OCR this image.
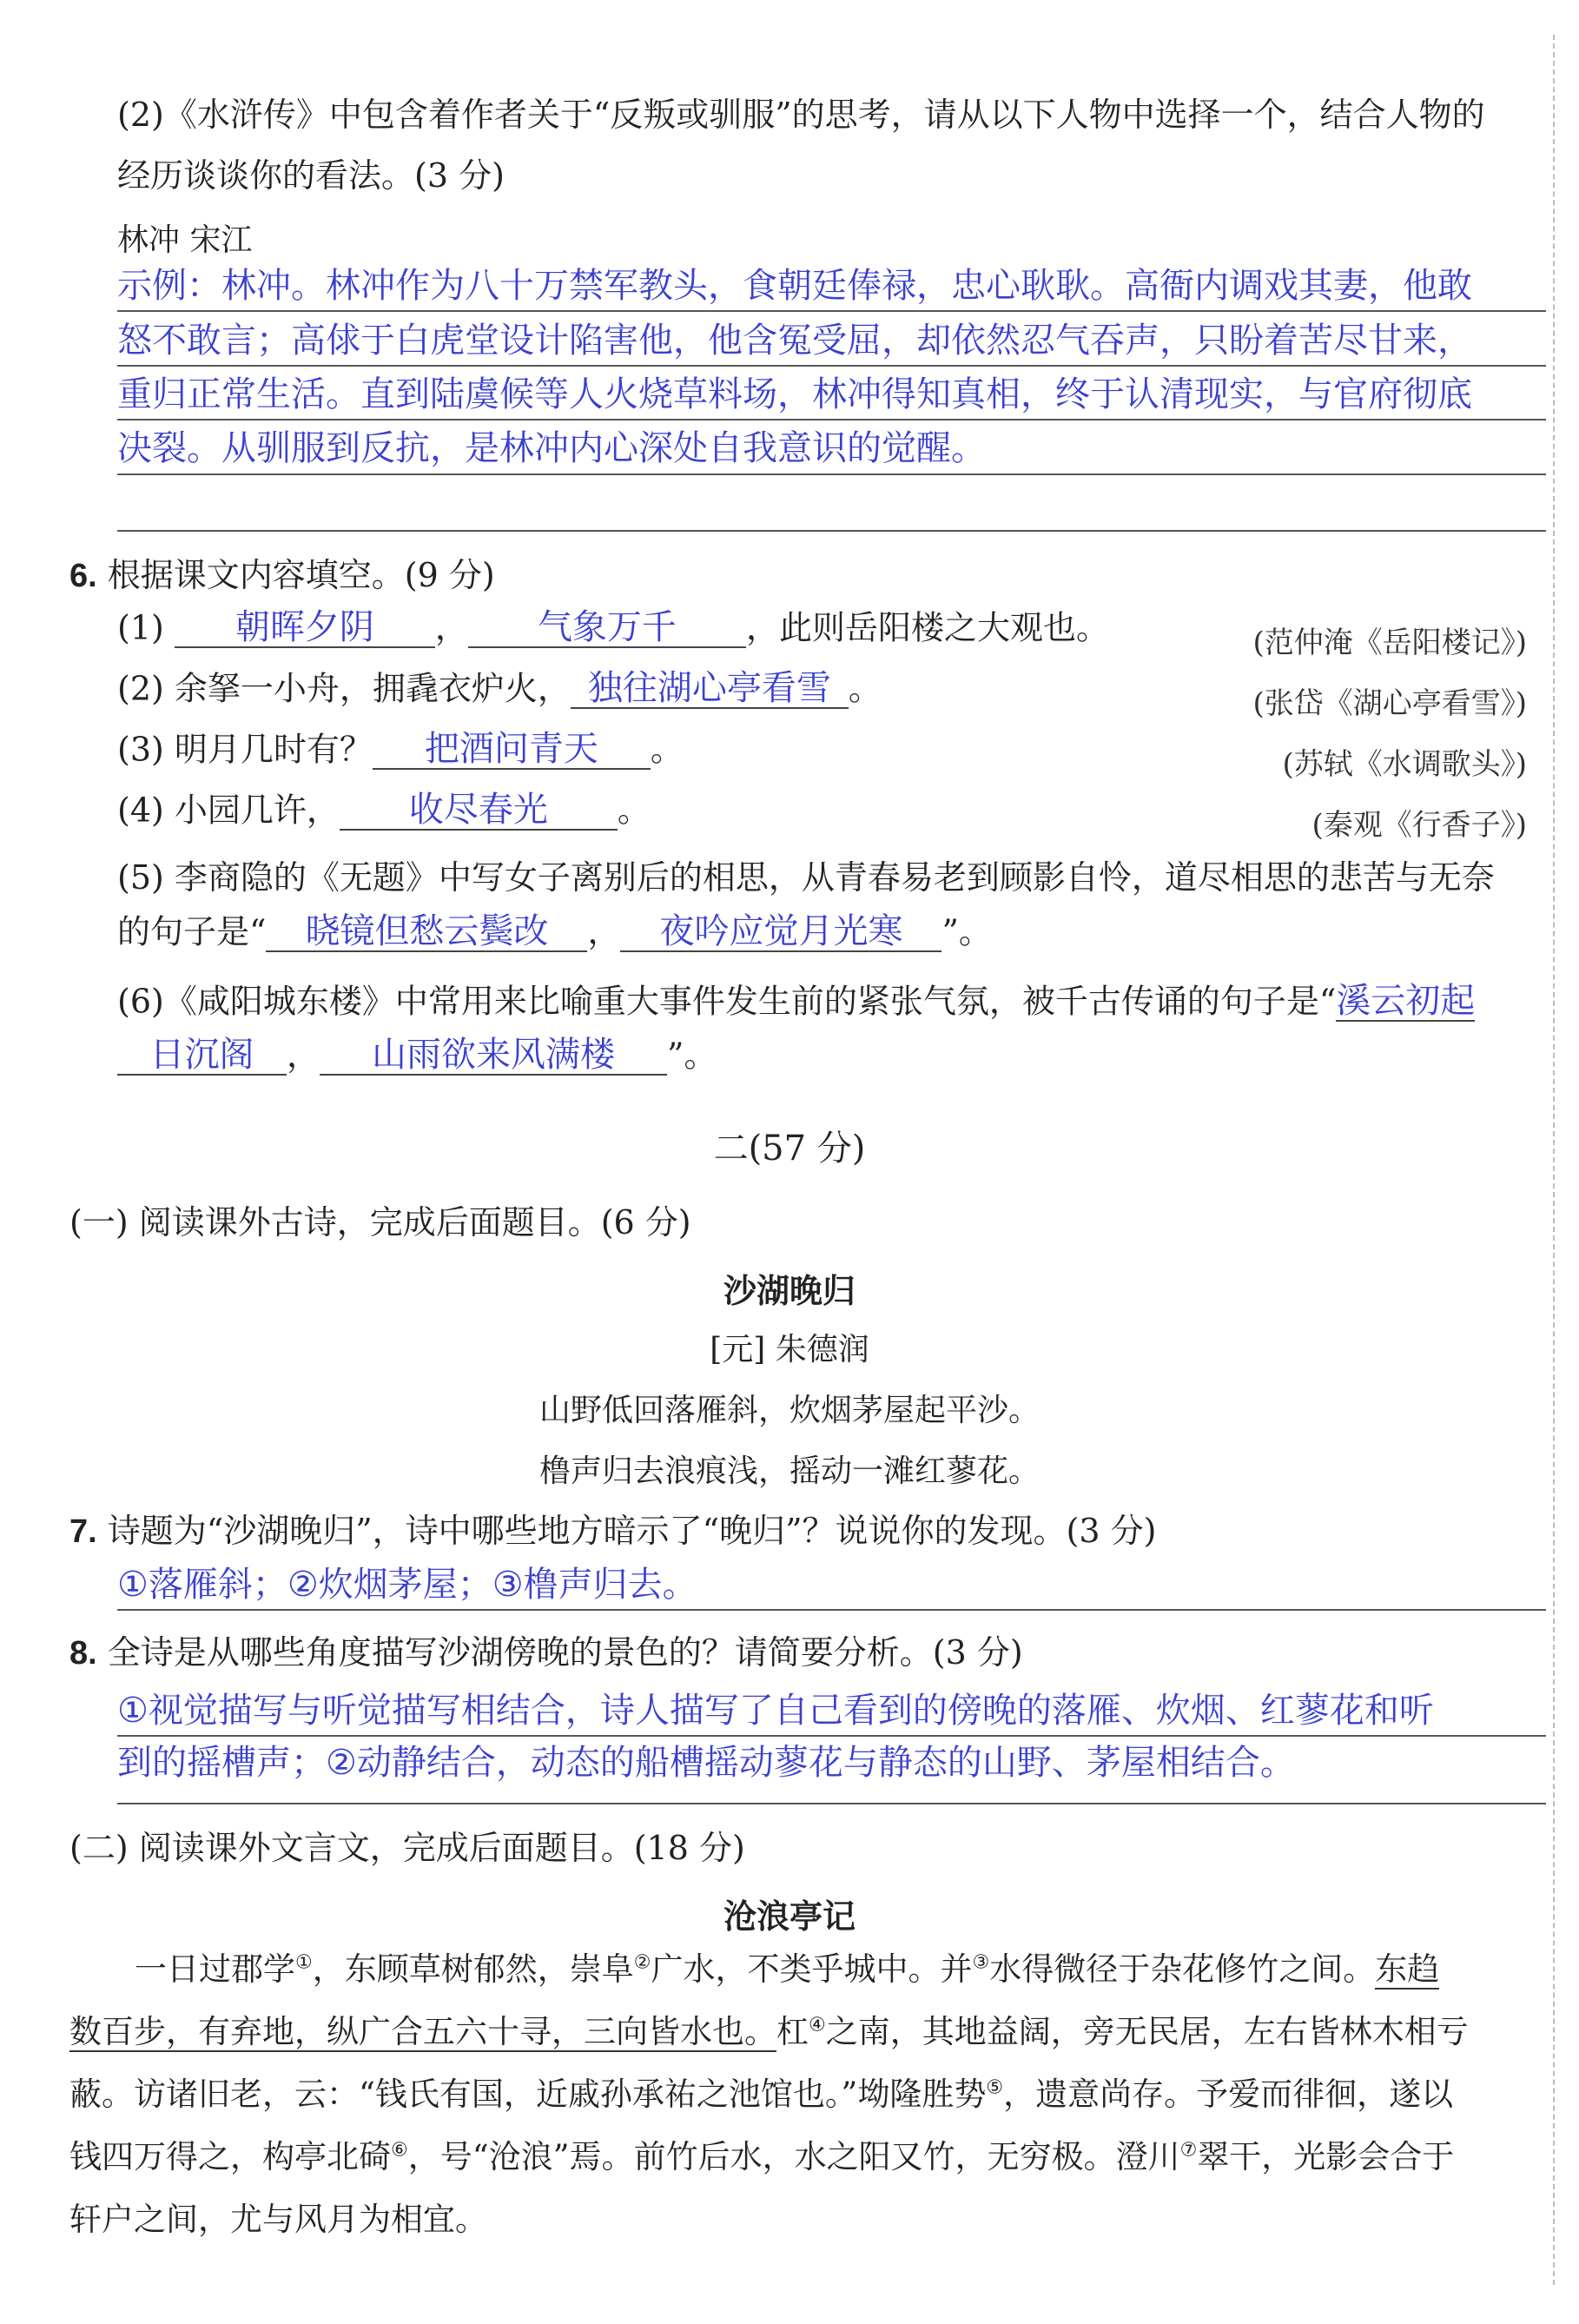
(2)《水浒传》中包含着作者关于“反叛或驯服”的思考，请从以下人物中选择一个，结合人物的
经历谈谈你的看法。(3 分)
林冲 宋江
示例：林冲。林冲作为八十万禁军教头，食朝廷俸禄，忠心耿耿。高衙内调戏其妻，他敢
怒不敢言；高俅于白虎堂设计陷害他，他含冤受屈，却依然忍气吞声，只盼着苦尽甘来，
重归正常生活。直到陆虞候等人火烧草料场，林冲得知真相，终于认清现实，与官府彻底
决裂。从驯服到反抗，是林冲内心深处自我意识的觉醒。
6. 根据课文内容填空。(9 分)
(1) 朝晖夕阴 ， 气象万千 ，此则岳阳楼之大观也。	(范仲淹《岳阳楼记》)
(2) 余拏一小舟，拥毳衣炉火， 独往湖心亭看雪 。	(张岱《湖心亭看雪》)
(3) 明月几时有？ 把酒问青天 。	(苏轼《水调歌头》)
(4) 小园几许， 收尽春光 。	(秦观《行香子》)
(5) 李商隐的《无题》中写女子离别后的相思，从青春易老到顾影自怜，道尽相思的悲苦与无奈
的句子是“ 晓镜但愁云鬓改 ， 夜吟应觉月光寒 ”。
(6)《咸阳城东楼》中常用来比喻重大事件发生前的紧张气氛，被千古传诵的句子是“溪云初起
日沉阁 ， 山雨欲来风满楼 ”。
二(57 分)
(一) 阅读课外古诗，完成后面题目。(6 分)
沙湖晚归
[元] 朱德润
山野低回落雁斜，炊烟茅屋起平沙。
橹声归去浪痕浅，摇动一滩红蓼花。
7. 诗题为“沙湖晚归”，诗中哪些地方暗示了“晚归”？说说你的发现。(3 分)
①落雁斜；②炊烟茅屋；③橹声归去。
8. 全诗是从哪些角度描写沙湖傍晚的景色的？请简要分析。(3 分)
①视觉描写与听觉描写相结合，诗人描写了自己看到的傍晚的落雁、炊烟、红蓼花和听
到的摇槽声；②动静结合，动态的船槽摇动蓼花与静态的山野、茅屋相结合。
(二) 阅读课外文言文，完成后面题目。(18 分)
沧浪亭记
一日过郡学①，东顾草树郁然，崇阜②广水，不类乎城中。并③水得微径于杂花修竹之间。东趋
数百步，有弃地，纵广合五六十寻，三向皆水也。杠④之南，其地益阔，旁无民居，左右皆林木相亏
蔽。访诸旧老，云：“钱氏有国，近戚孙承祐之池馆也。”坳隆胜势⑤，遗意尚存。予爱而徘徊，遂以
钱四万得之，构亭北碕⑥，号“沧浪”焉。前竹后水，水之阳又竹，无穷极。澄川⑦翠干，光影会合于
轩户之间，尤与风月为相宜。
